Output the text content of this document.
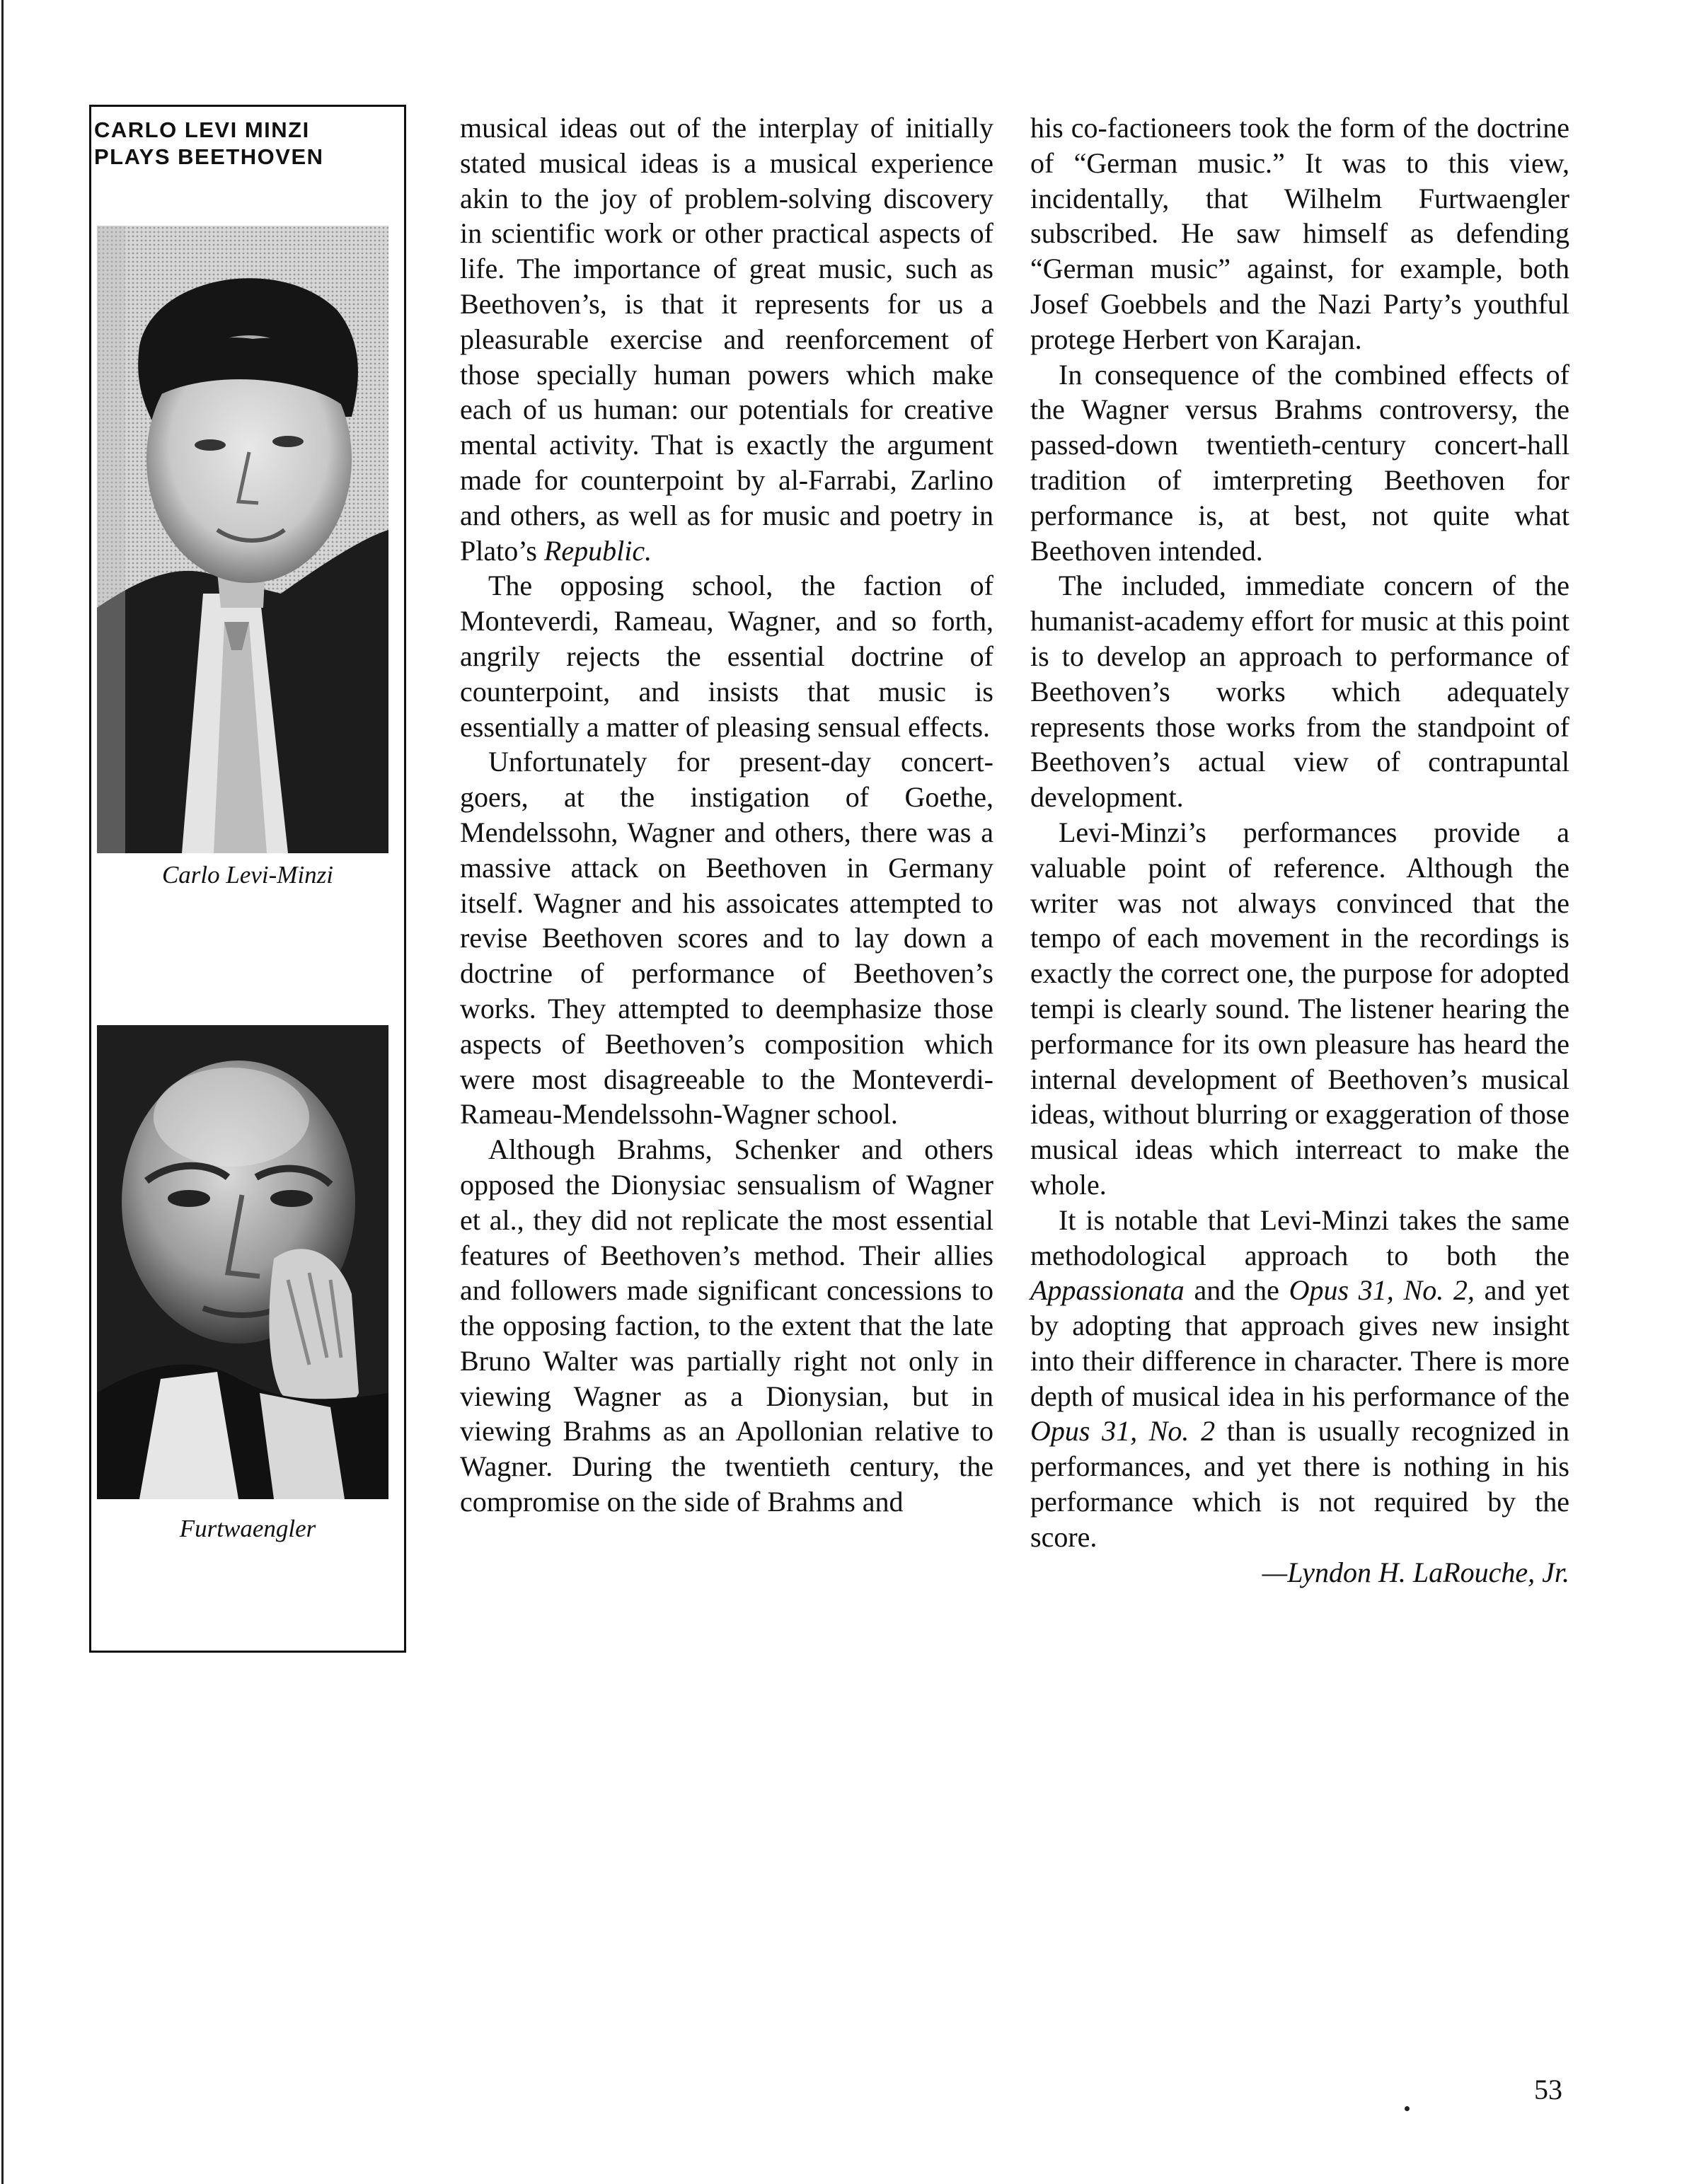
CARLO LEVI MINZI
PLAYS BEETHOVEN
Carlo Levi-Minzi
Furtwaengler

musical ideas out of the interplay of initially stated musical ideas is a musical experience akin to the joy of problem-solving discovery in scientific work or other practical aspects of life. The importance of great music, such as Beethoven’s, is that it represents for us a pleasurable exercise and reenforcement of those specially human powers which make each of us human: our potentials for creative mental activity. That is exactly the argument made for counterpoint by al-Farrabi, Zarlino and others, as well as for music and poetry in Plato’s Republic.

The opposing school, the faction of Monteverdi, Rameau, Wagner, and so forth, angrily rejects the essential doctrine of counterpoint, and insists that music is essentially a matter of pleasing sensual effects.

Unfortunately for present-day concert-goers, at the instigation of Goethe, Mendelssohn, Wagner and others, there was a massive attack on Beethoven in Germany itself. Wagner and his assoicates attempted to revise Beethoven scores and to lay down a doctrine of performance of Beethoven’s works. They attempted to deemphasize those aspects of Beethoven’s composition which were most disagreeable to the Monteverdi-Rameau-Mendelssohn-Wagner school.

Although Brahms, Schenker and others opposed the Dionysiac sensualism of Wagner et al., they did not replicate the most essential features of Beethoven’s method. Their allies and followers made significant concessions to the opposing faction, to the extent that the late Bruno Walter was partially right not only in viewing Wagner as a Dionysian, but in viewing Brahms as an Apollonian relative to Wagner. During the twentieth century, the compromise on the side of Brahms and

his co-factioneers took the form of the doctrine of “German music.” It was to this view, incidentally, that Wilhelm Furtwaengler subscribed. He saw himself as defending “German music” against, for example, both Josef Goebbels and the Nazi Party’s youthful protege Herbert von Karajan.

In consequence of the combined effects of the Wagner versus Brahms controversy, the passed-down twentieth-century concert-hall tradition of imterpreting Beethoven for performance is, at best, not quite what Beethoven intended.

The included, immediate concern of the humanist-academy effort for music at this point is to develop an approach to performance of Beethoven’s works which adequately represents those works from the standpoint of Beethoven’s actual view of contrapuntal development.

Levi-Minzi’s performances provide a valuable point of reference. Although the writer was not always convinced that the tempo of each movement in the recordings is exactly the correct one, the purpose for adopted tempi is clearly sound. The listener hearing the performance for its own pleasure has heard the internal development of Beethoven’s musical ideas, without blurring or exaggeration of those musical ideas which interreact to make the whole.

It is notable that Levi-Minzi takes the same methodological approach to both the Appassionata and the Opus 31, No. 2, and yet by adopting that approach gives new insight into their difference in character. There is more depth of musical idea in his performance of the Opus 31, No. 2 than is usually recognized in performances, and yet there is nothing in his performance which is not required by the score.

—Lyndon H. LaRouche, Jr.

53
